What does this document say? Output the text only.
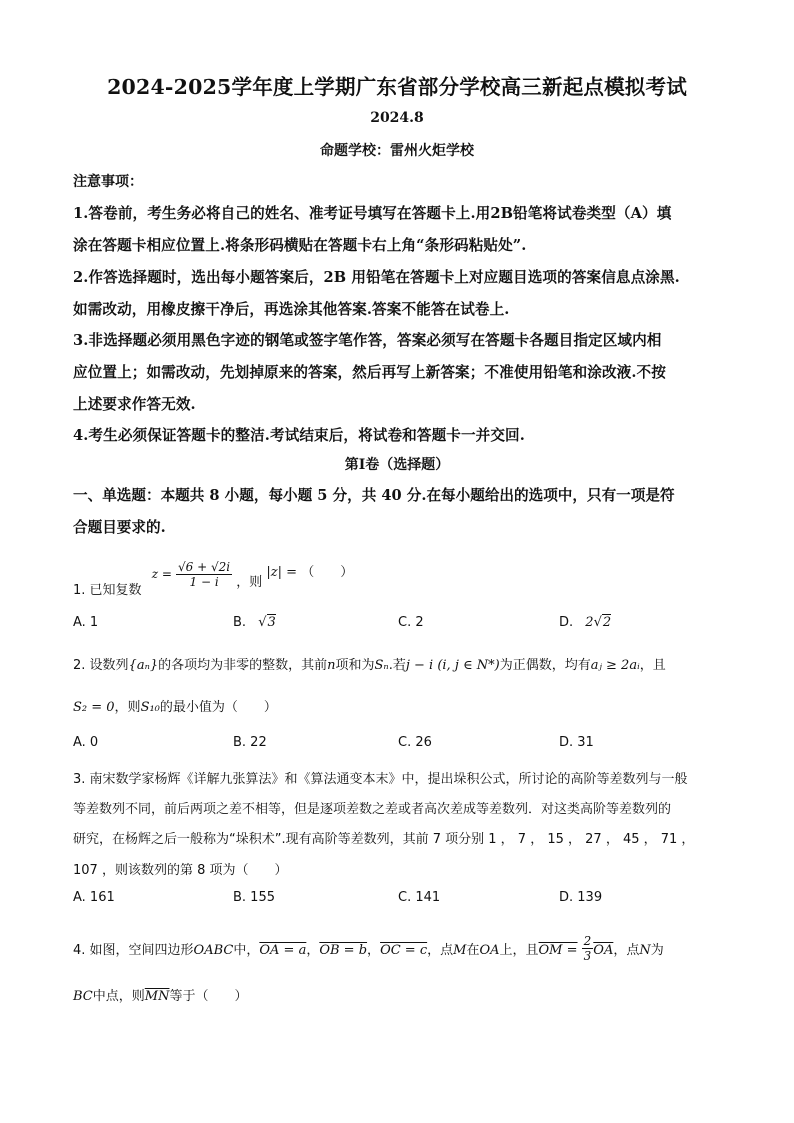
2024-2025学年度上学期广东省部分学校高三新起点模拟考试
2024.8
命题学校：雷州火炬学校
注意事项：
1.答卷前，考生务必将自己的姓名、准考证号填写在答题卡上.用2B铅笔将试卷类型（A）填
涂在答题卡相应位置上.将条形码横贴在答题卡右上角“条形码粘贴处”.
2.作答选择题时，选出每小题答案后，2B 用铅笔在答题卡上对应题目选项的答案信息点涂黑.
如需改动，用橡皮擦干净后，再选涂其他答案.答案不能答在试卷上.
3.非选择题必须用黑色字迹的钢笔或签字笔作答，答案必须写在答题卡各题目指定区域内相
应位置上；如需改动，先划掉原来的答案，然后再写上新答案；不准使用铅笔和涂改液.不按
上述要求作答无效.
4.考生必须保证答题卡的整洁.考试结束后，将试卷和答题卡一并交回.
第Ⅰ卷（选择题）
一、单选题：本题共 8 小题，每小题 5 分，共 40 分.在每小题给出的选项中，只有一项是符
合题目要求的.
1. 已知复数 $z = \frac{√6 + √2i}{1 - i}$ ，则 |z| = （　　）
A. 1	B. √3	C. 2	D. 2√2
2. 设数列{aₙ}的各项均为非零的整数，其前n项和为Sₙ.若j − i (i, j ∈ N*)为正偶数，均有aⱼ ≥ 2aᵢ，且
S₂ = 0，则S₁₀的最小值为（　　）
A. 0	B. 22	C. 26	D. 31
3. 南宋数学家杨辉《详解九张算法》和《算法通变本末》中，提出垛积公式，所讨论的高阶等差数列与一般
等差数列不同，前后两项之差不相等，但是逐项差数之差或者高次差成等差数列．对这类高阶等差数列的
研究，在杨辉之后一般称为“垛积术”.现有高阶等差数列，其前 7 项分别 1 ， 7 ， 15 ， 27 ， 45 ， 71 ，
107 ，则该数列的第 8 项为（　　）
A. 161	B. 155	C. 141	D. 139
4. 如图，空间四边形OABC中，OA = a，OB = b，OC = c，点M在OA上，且OM = $\frac{2}{3} \overline{OA}$，点N为
BC中点，则$\overline{MN}$等于（　　）
